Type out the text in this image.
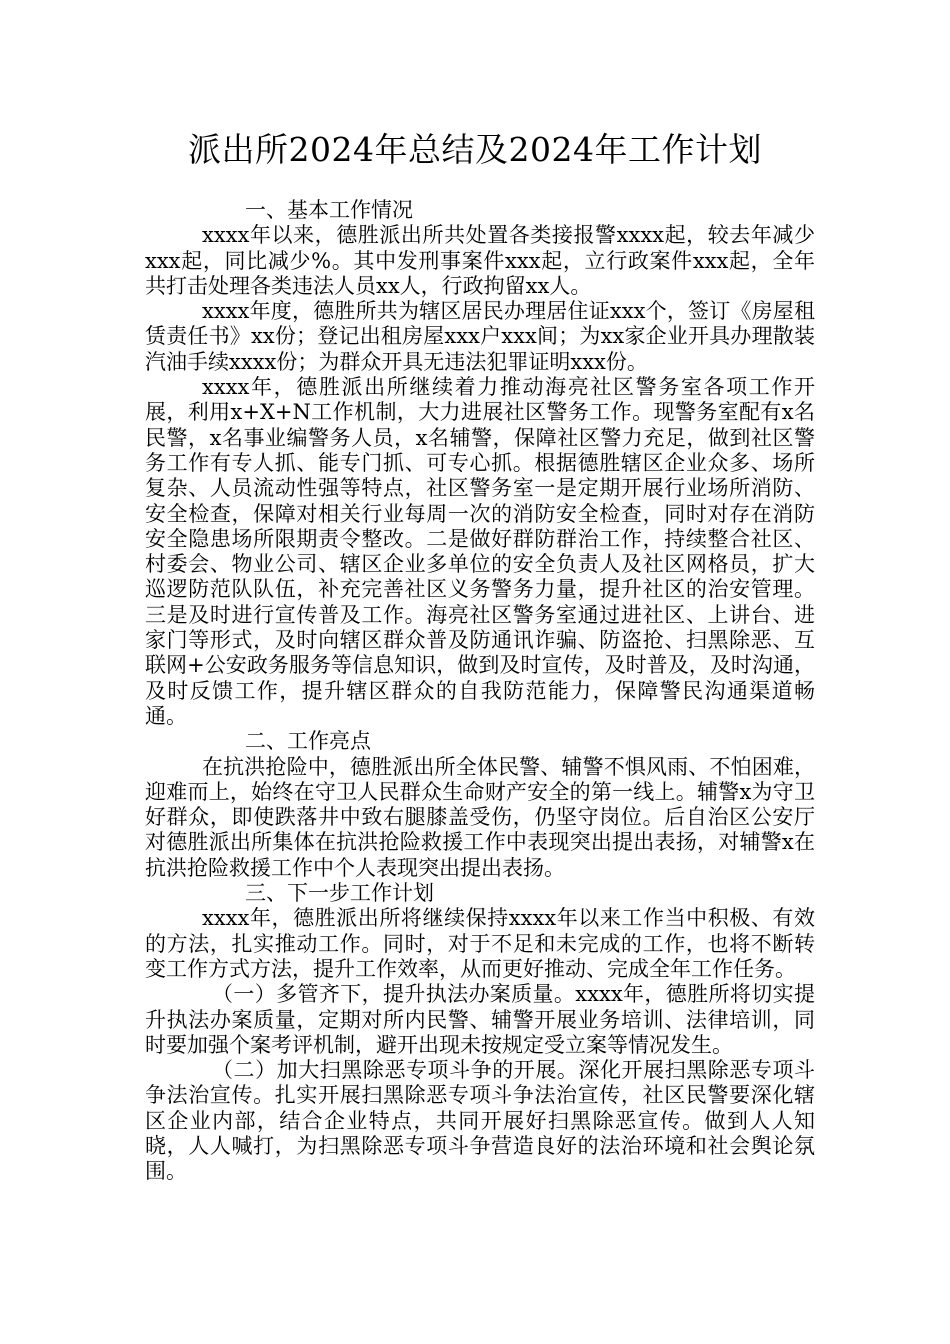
派出所2024年总结及2024年工作计划

一、基本工作情况

xxxx年以来，德胜派出所共处置各类接报警xxxx起，较去年减少xxx起，同比减少%。其中发刑事案件xxx起，立行政案件xxx起，全年共打击处理各类违法人员xx人，行政拘留xx人。

xxxx年度，德胜所共为辖区居民办理居住证xxx个，签订《房屋租赁责任书》xx份；登记出租房屋xxx户xxx间；为xx家企业开具办理散装汽油手续xxxx份；为群众开具无违法犯罪证明xxx份。

xxxx年，德胜派出所继续着力推动海亮社区警务室各项工作开展，利用x+X+N工作机制，大力进展社区警务工作。现警务室配有x名民警，x名事业编警务人员，x名辅警，保障社区警力充足，做到社区警务工作有专人抓、能专门抓、可专心抓。根据德胜辖区企业众多、场所复杂、人员流动性强等特点，社区警务室一是定期开展行业场所消防、安全检查，保障对相关行业每周一次的消防安全检查，同时对存在消防安全隐患场所限期责令整改。二是做好群防群治工作，持续整合社区、村委会、物业公司、辖区企业多单位的安全负责人及社区网格员，扩大巡逻防范队队伍，补充完善社区义务警务力量，提升社区的治安管理。三是及时进行宣传普及工作。海亮社区警务室通过进社区、上讲台、进家门等形式，及时向辖区群众普及防通讯诈骗、防盗抢、扫黑除恶、互联网+公安政务服务等信息知识，做到及时宣传，及时普及，及时沟通，及时反馈工作，提升辖区群众的自我防范能力，保障警民沟通渠道畅通。

二、工作亮点

在抗洪抢险中，德胜派出所全体民警、辅警不惧风雨、不怕困难，迎难而上，始终在守卫人民群众生命财产安全的第一线上。辅警x为守卫好群众，即使跌落井中致右腿膝盖受伤，仍坚守岗位。后自治区公安厅对德胜派出所集体在抗洪抢险救援工作中表现突出提出表扬，对辅警x在抗洪抢险救援工作中个人表现突出提出表扬。

三、下一步工作计划

xxxx年，德胜派出所将继续保持xxxx年以来工作当中积极、有效的方法，扎实推动工作。同时，对于不足和未完成的工作，也将不断转变工作方式方法，提升工作效率，从而更好推动、完成全年工作任务。

（一）多管齐下，提升执法办案质量。xxxx年，德胜所将切实提升执法办案质量，定期对所内民警、辅警开展业务培训、法律培训，同时要加强个案考评机制，避开出现未按规定受立案等情况发生。

（二）加大扫黑除恶专项斗争的开展。深化开展扫黑除恶专项斗争法治宣传。扎实开展扫黑除恶专项斗争法治宣传，社区民警要深化辖区企业内部，结合企业特点，共同开展好扫黑除恶宣传。做到人人知晓，人人喊打，为扫黑除恶专项斗争营造良好的法治环境和社会舆论氛围。
